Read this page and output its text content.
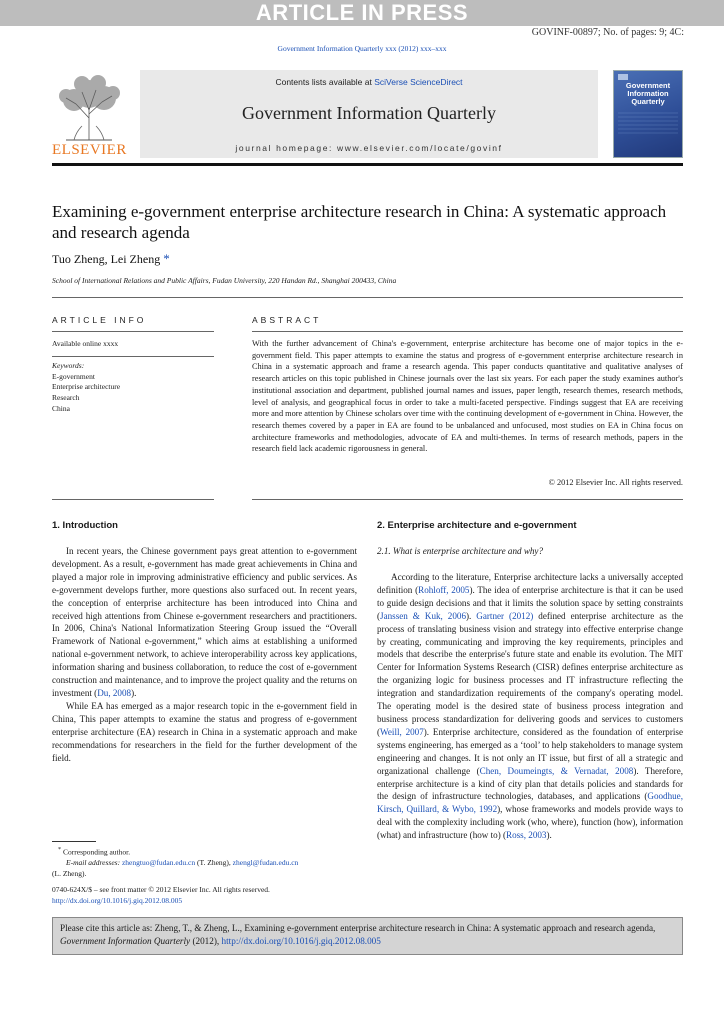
ARTICLE IN PRESS
GOVINF-00897; No. of pages: 9; 4C:
Government Information Quarterly xxx (2012) xxx–xxx
ELSEVIER
Contents lists available at SciVerse ScienceDirect
Government Information Quarterly
journal homepage: www.elsevier.com/locate/govinf
Government Information Quarterly
Examining e-government enterprise architecture research in China: A systematic approach and research agenda
Tuo Zheng, Lei Zheng *
School of International Relations and Public Affairs, Fudan University, 220 Handan Rd., Shanghai 200433, China
ARTICLE INFO
Available online xxxx
Keywords:
E-government
Enterprise architecture
Research
China
ABSTRACT
With the further advancement of China's e-government, enterprise architecture has become one of major topics in the e-government field. This paper attempts to examine the status and progress of e-government enterprise architecture research in China in a systematic approach and frame a research agenda. This paper conducts quantitative and qualitative analyses of research articles on this topic published in Chinese journals over the last six years. For each paper the study examines author's institutional association and department, published journal names and issues, paper length, research themes, research methods, level of analysis, and geographical focus in order to take a multi-faceted perspective. Findings suggest that EA are receiving more and more attention by Chinese scholars over time with the continuing development of e-government in China. However, the research themes covered by a paper in EA are found to be unbalanced and unfocused, most studies on EA in China focus on architecture frameworks and methodologies, advocate of EA and multi-themes. In terms of research methods, papers in the research field lack academic rigorousness in general.
© 2012 Elsevier Inc. All rights reserved.
1. Introduction

In recent years, the Chinese government pays great attention to e-government development. As a result, e-government has made great achievements in China and played a major role in improving administrative efficiency and public services. As e-government develops further, more questions also surfaced out. In recent years, the conception of enterprise architecture has been introduced into China and received high attentions from Chinese e-government researchers and practitioners. In 2006, China's National Informatization Steering Group issued the “Overall Framework of National e-government,” which aims at establishing a uniformed national e-government network, to achieve interoperability across key applications, information sharing and business collaboration, to reduce the cost of e-government construction and maintenance, and to improve the project quality and the returns on investment (Du, 2008).

While EA has emerged as a major research topic in the e-government field in China, This paper attempts to examine the status and progress of e-government enterprise architecture (EA) research in China in a systematic approach and make recommendations for researchers in the field for the further development of the field.

2. Enterprise architecture and e-government
2.1. What is enterprise architecture and why?

According to the literature, Enterprise architecture lacks a universally accepted definition (Rohloff, 2005). The idea of enterprise architecture is that it can be used to guide design decisions and that it limits the solution space by setting constraints (Janssen & Kuk, 2006). Gartner (2012) defined enterprise architecture as the process of translating business vision and strategy into effective enterprise change by creating, communicating and improving the key requirements, principles and models that describe the enterprise's future state and enable its evolution. The MIT Center for Information Systems Research (CISR) defines enterprise architecture as the organizing logic for business processes and IT infrastructure reflecting the integration and standardization requirements of the company's operating model. The operating model is the desired state of business process integration and business process standardization for delivering goods and services to customers (Weill, 2007). Enterprise architecture, considered as the foundation of enterprise systems engineering, has emerged as a ‘tool’ to help stakeholders to manage system engineering and changes. It is not only an IT issue, but first of all a strategic and organizational challenge (Chen, Doumeingts, & Vernadat, 2008). Therefore, enterprise architecture is a kind of city plan that details policies and standards for the design of infrastructure technologies, databases, and applications (Goodhue, Kirsch, Quillard, & Wybo, 1992), whose frameworks and models provide ways to deal with the complexity including work (who, where), function (how), information (what) and infrastructure (how to) (Ross, 2003).

* Corresponding author.
E-mail addresses: zhengtuo@fudan.edu.cn (T. Zheng), zhengl@fudan.edu.cn
(L. Zheng).
0740-624X/$ – see front matter © 2012 Elsevier Inc. All rights reserved.
http://dx.doi.org/10.1016/j.giq.2012.08.005
Please cite this article as: Zheng, T., & Zheng, L., Examining e-government enterprise architecture research in China: A systematic approach and research agenda, Government Information Quarterly (2012), http://dx.doi.org/10.1016/j.giq.2012.08.005
